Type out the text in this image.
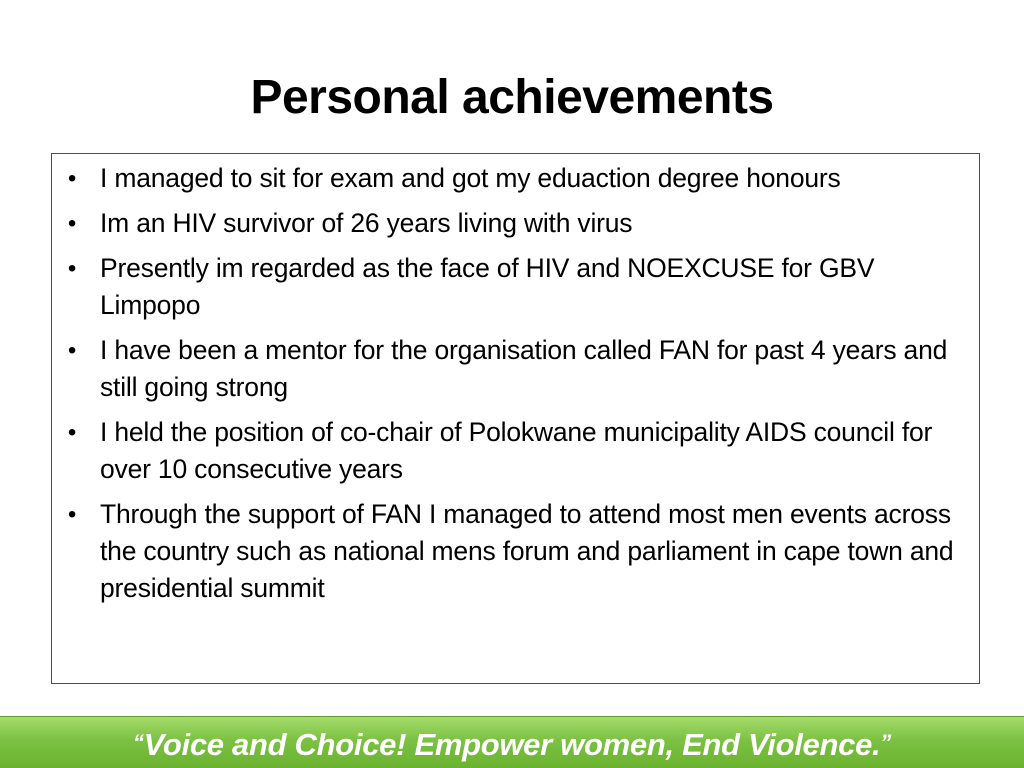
Personal achievements
• I managed to sit for exam and got my eduaction degree honours
• Im an HIV survivor of 26 years living with virus
• Presently im regarded as the face of HIV and NOEXCUSE for GBV Limpopo
• I have been a mentor for the organisation called FAN for past 4 years and still going strong
• I held the position of co-chair of Polokwane municipality AIDS council for over 10 consecutive years
• Through the support of FAN I managed to attend most men events across the country such as national mens forum and parliament in cape town and presidential summit
“Voice and Choice! Empower women, End Violence.”
